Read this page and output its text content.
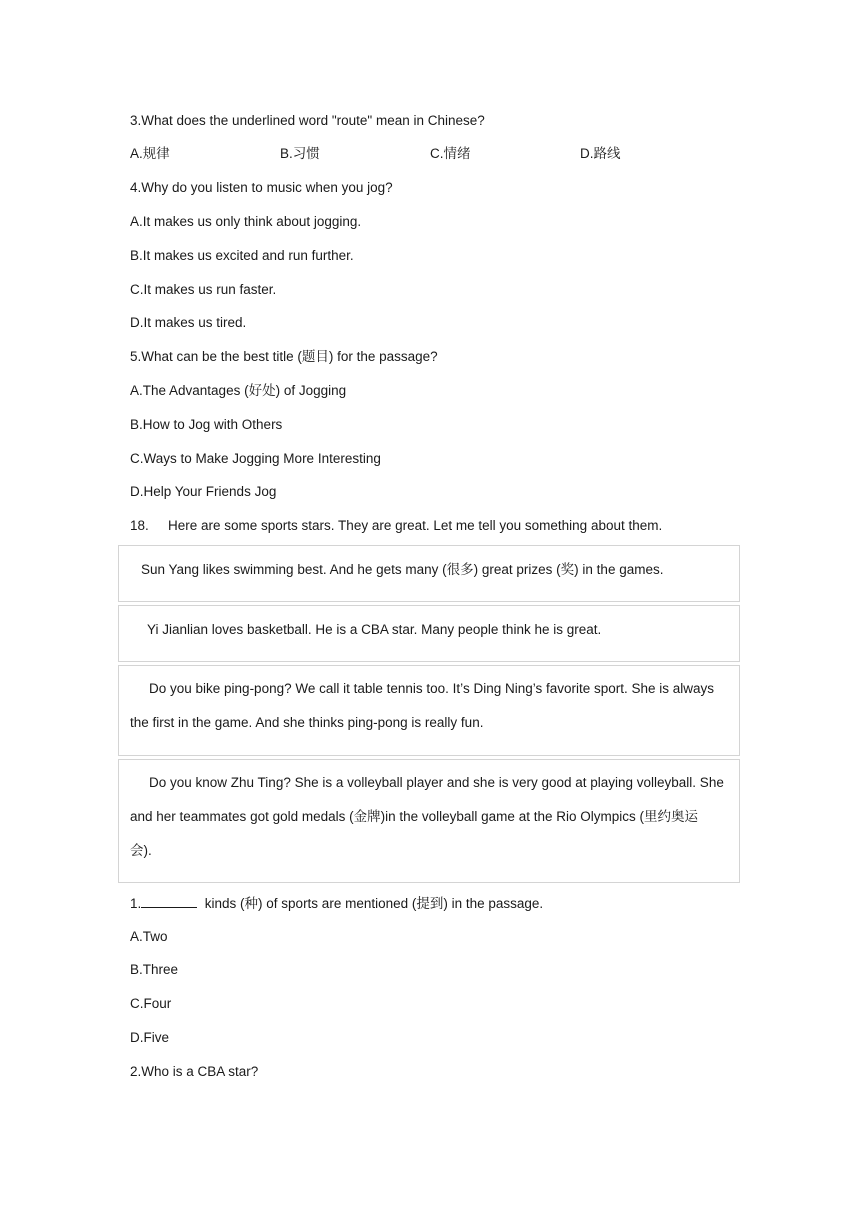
3.What does the underlined word "route" mean in Chinese?
A.规律	B.习惯	C.情绪	D.路线
4.Why do you listen to music when you jog?
A.It makes us only think about jogging.
B.It makes us excited and run further.
C.It makes us run faster.
D.It makes us tired.
5.What can be the best title (题目) for the passage?
A.The Advantages (好处) of Jogging
B.How to Jog with Others
C.Ways to Make Jogging More Interesting
D.Help Your Friends Jog
18. Here are some sports stars. They are great. Let me tell you something about them.

Sun Yang likes swimming best. And he gets many (很多) great prizes (奖) in the games.

Yi Jianlian loves basketball. He is a CBA star. Many people think he is great.

Do you bike ping-pong? We call it table tennis too. It’s Ding Ning’s favorite sport. She is always

the first in the game. And she thinks ping-pong is really fun.

Do you know Zhu Ting? She is a volleyball player and she is very good at playing volleyball. She

and her teammates got gold medals (金牌)in the volleyball game at the Rio Olympics (里约奥运

会).

1.	kinds (种) of sports are mentioned (提到) in the passage.
A.Two
B.Three
C.Four
D.Five
2.Who is a CBA star?
